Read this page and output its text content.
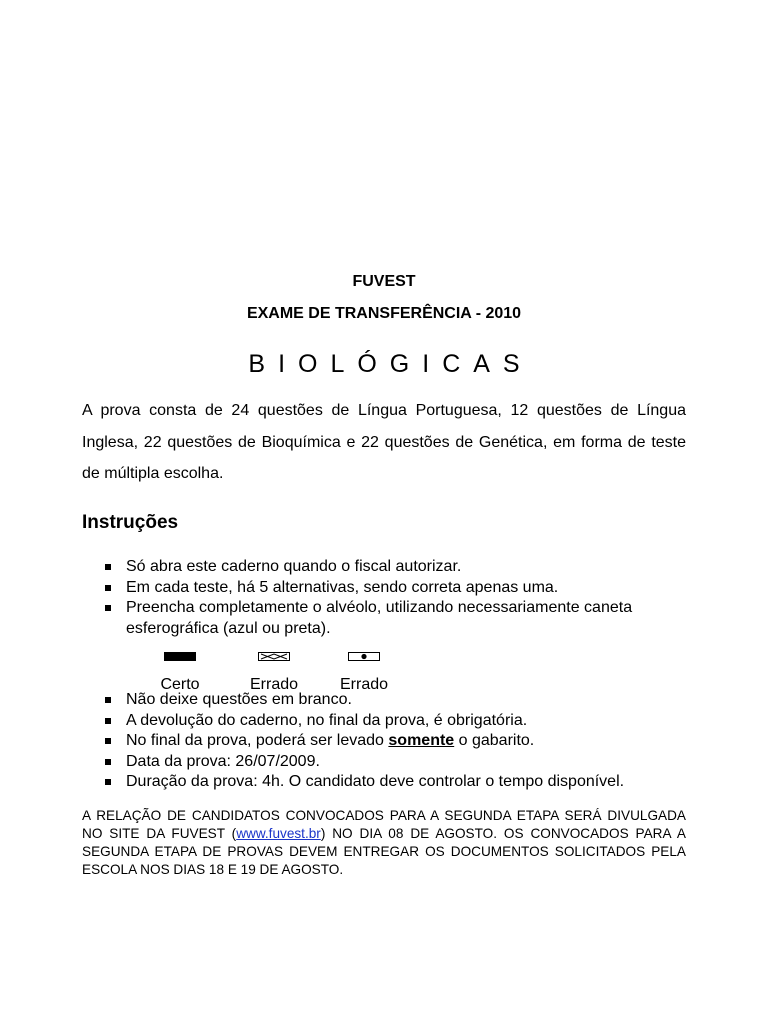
FUVEST
EXAME DE TRANSFERÊNCIA - 2010
BIOLÓGICAS
A prova consta de 24 questões de Língua Portuguesa, 12 questões de Língua Inglesa, 22 questões de Bioquímica e 22 questões de Genética, em forma de teste de múltipla escolha.
Instruções
Só abra este caderno quando o fiscal autorizar.
Em cada teste, há 5 alternativas, sendo correta apenas uma.
Preencha completamente o alvéolo, utilizando necessariamente caneta esferográfica (azul ou preta).
Certo	Errado	Errado
Não deixe questões em branco.
A devolução do caderno, no final da prova, é obrigatória.
No final da prova, poderá ser levado somente o gabarito.
Data da prova: 26/07/2009.
Duração da prova: 4h. O candidato deve controlar o tempo disponível.
A RELAÇÃO DE CANDIDATOS CONVOCADOS PARA A SEGUNDA ETAPA SERÁ DIVULGADA NO SITE DA FUVEST (www.fuvest.br) NO DIA 08 DE AGOSTO. OS CONVOCADOS PARA A SEGUNDA ETAPA DE PROVAS DEVEM ENTREGAR OS DOCUMENTOS SOLICITADOS PELA ESCOLA NOS DIAS 18 E 19 DE AGOSTO.
